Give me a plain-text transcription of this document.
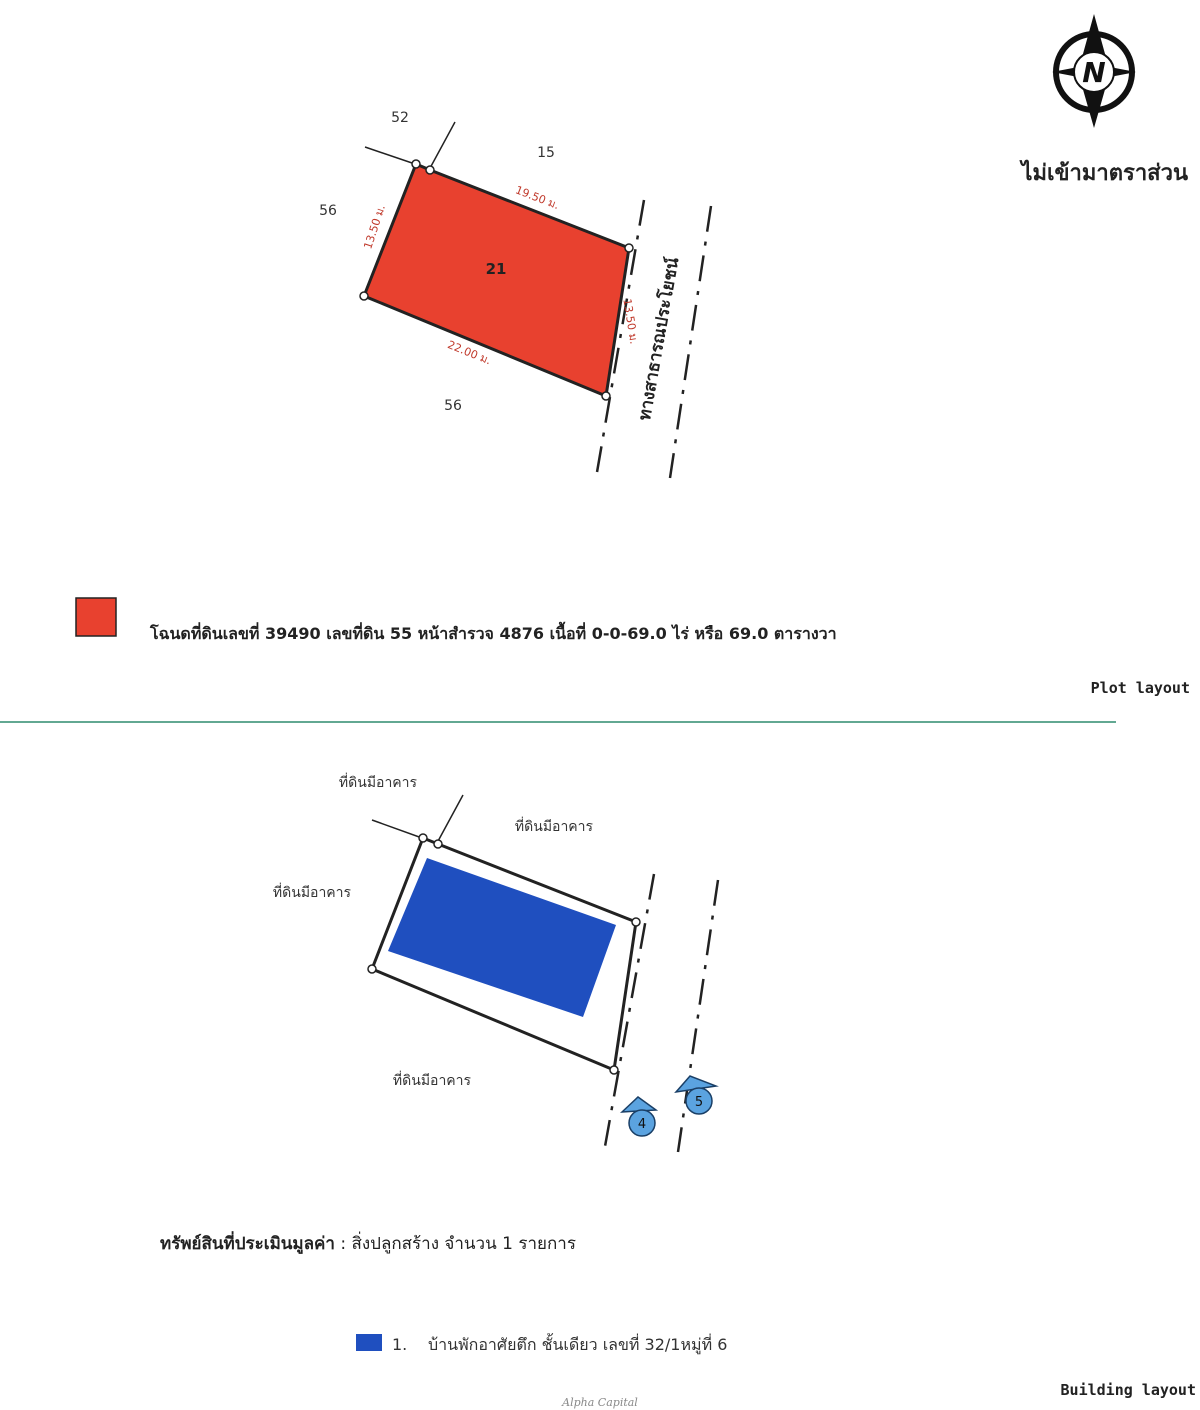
N
ไม่เข้ามาตราส่วน
21
52
15
56
56
19.50 ม.
13.50 ม.
13.50 ม.
22.00 ม.	ทางสาธารณประโยชน์
โฉนดที่ดินเลขที่ 39490 เลขที่ดิน 55 หน้าสำรวจ 4876 เนื้อที่ 0-0-69.0 ไร่ หรือ 69.0 ตารางวา
Plot layout
ที่ดินมีอาคาร
ที่ดินมีอาคาร
ที่ดินมีอาคาร
ที่ดินมีอาคาร
4
5
ทรัพย์สินที่ประเมินมูลค่า : สิ่งปลูกสร้าง จำนวน 1 รายการ
1. บ้านพักอาศัยตึก ชั้นเดียว เลขที่ 32/1หมู่ที่ 6
Building layout
Alpha Capital
